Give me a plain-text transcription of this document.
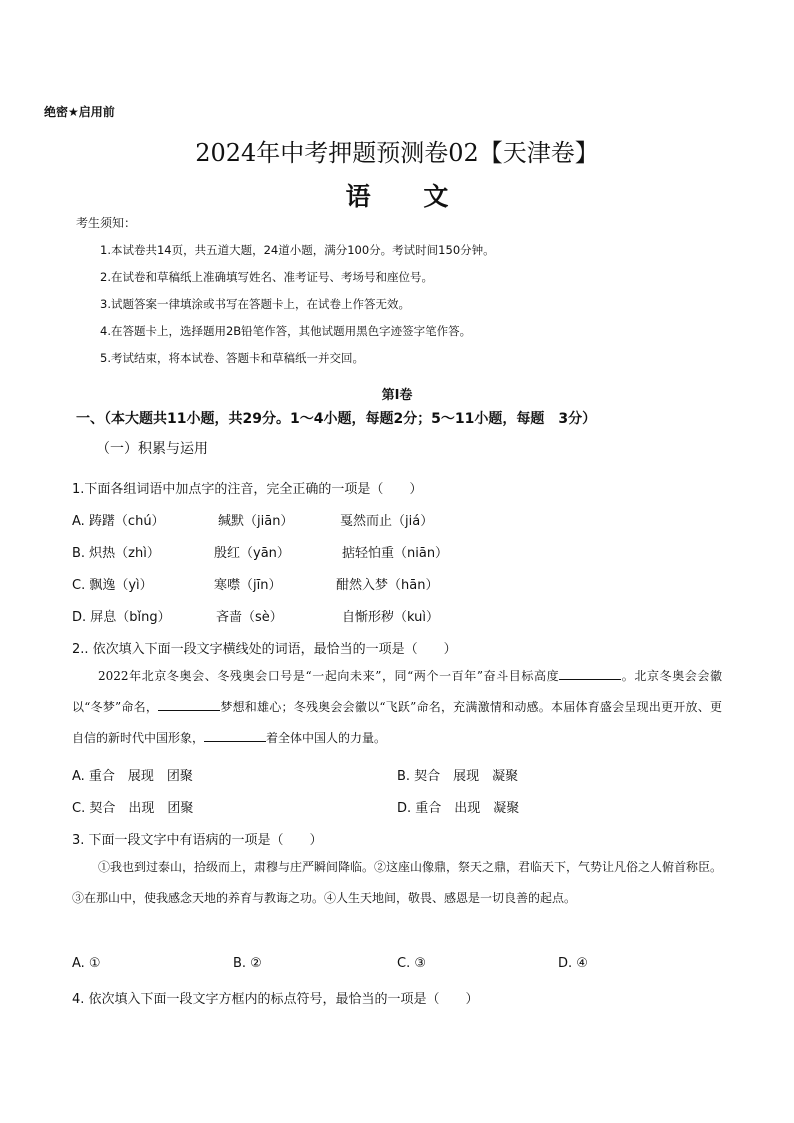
绝密★启用前
2024年中考押题预测卷02【天津卷】
语 文
考生须知：
1.本试卷共14页，共五道大题，24道小题，满分100分。考试时间150分钟。
2.在试卷和草稿纸上准确填写姓名、准考证号、考场号和座位号。
3.试题答案一律填涂或书写在答题卡上，在试卷上作答无效。
4.在答题卡上，选择题用2B铅笔作答，其他试题用黑色字迹签字笔作答。
5.考试结束，将本试卷、答题卡和草稿纸一并交回。
第Ⅰ卷
一、（本大题共11小题，共29分。1～4小题，每题2分；5～11小题，每题　3分）
（一）积累与运用
1.下面各组词语中加点字的注音，完全正确的一项是（　　）
A. 踌躇（chú）	缄默（jiān）	戛然而止（jiá）
B. 炽热（zhì）	殷红（yān）	掂轻怕重（niān）
C. 飘逸（yì）	寒噤（jīn）	酣然入梦（hān）
D. 屏息（bǐng）	吝啬（sè）	自惭形秽（kuì）
2.. 依次填入下面一段文字横线处的词语，最恰当的一项是（　　）
2022年北京冬奥会、冬残奥会口号是“一起向未来”，同“两个一百年”奋斗目标高度	。北京冬奥会会徽以“冬梦”命名，	梦想和雄心；冬残奥会会徽以“飞跃”命名，充满激情和动感。本届体育盛会呈现出更开放、更自信的新时代中国形象，	着全体中国人的力量。
A. 重合　展现　团聚	B. 契合　展现　凝聚
C. 契合　出现　团聚	D. 重合　出现　凝聚
3. 下面一段文字中有语病的一项是（　　）
①我也到过泰山，拾级而上，肃穆与庄严瞬间降临。②这座山像鼎，祭天之鼎，君临天下，气势让凡俗之人俯首称臣。③在那山中，使我感念天地的养育与教诲之功。④人生天地间，敬畏、感恩是一切良善的起点。
A. ①	B. ②	C. ③	D. ④
4. 依次填入下面一段文字方框内的标点符号，最恰当的一项是（　　）
